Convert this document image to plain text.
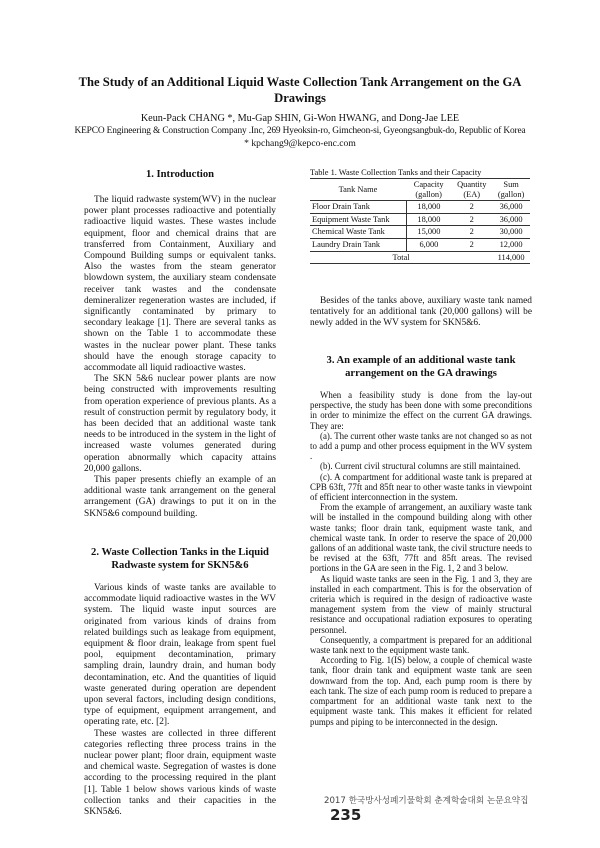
The Study of an Additional Liquid Waste Collection Tank Arrangement on the GA Drawings
Keun-Pack CHANG *, Mu-Gap SHIN, Gi-Won HWANG, and Dong-Jae LEE
KEPCO Engineering & Construction Company .Inc, 269 Hyeoksin-ro, Gimcheon-si, Gyeongsangbuk-do, Republic of Korea
* kpchang9@kepco-enc.com
1. Introduction

The liquid radwaste system(WV) in the nuclear power plant processes radioactive and potentially radioactive liquid wastes. These wastes include equipment, floor and chemical drains that are transferred from Containment, Auxiliary and Compound Building sumps or equivalent tanks. Also the wastes from the steam generator blowdown system, the auxiliary steam condensate receiver tank wastes and the condensate demineralizer regeneration wastes are included, if significantly contaminated by primary to secondary leakage [1]. There are several tanks as shown on the Table 1 to accommodate these wastes in the nuclear power plant. These tanks should have the enough storage capacity to accommodate all liquid radioactive wastes.

The SKN 5&6 nuclear power plants are now being constructed with improvements resulting from operation experience of previous plants. As a result of construction permit by regulatory body, it has been decided that an additional waste tank needs to be introduced in the system in the light of increased waste volumes generated during operation abnormally which capacity attains 20,000 gallons.

This paper presents chiefly an example of an additional waste tank arrangement on the general arrangement (GA) drawings to put it on in the SKN5&6 compound building.

2. Waste Collection Tanks in the Liquid Radwaste system for SKN5&6

Various kinds of waste tanks are available to accommodate liquid radioactive wastes in the WV system. The liquid waste input sources are originated from various kinds of drains from related buildings such as leakage from equipment, equipment & floor drain, leakage from spent fuel pool, equipment decontamination, primary sampling drain, laundry drain, and human body decontamination, etc. And the quantities of liquid waste generated during operation are dependent upon several factors, including design conditions, type of equipment, equipment arrangement, and operating rate, etc. [2].

These wastes are collected in three different categories reflecting three process trains in the nuclear power plant; floor drain, equipment waste and chemical waste. Segregation of wastes is done according to the processing required in the plant [1]. Table 1 below shows various kinds of waste collection tanks and their capacities in the SKN5&6.

Table 1. Waste Collection Tanks and their Capacity
Tank Name	Capacity (gallon)	Quantity (EA)	Sum (gallon)
Floor Drain Tank	18,000	2	36,000
Equipment Waste Tank	18,000	2	36,000
Chemical Waste Tank	15,000	2	30,000
Laundry Drain Tank	6,000	2	12,000
Total			114,000

Besides of the tanks above, auxiliary waste tank named tentatively for an additional tank (20,000 gallons) will be newly added in the WV system for SKN5&6.

3. An example of an additional waste tank arrangement on the GA drawings

When a feasibility study is done from the lay-out perspective, the study has been done with some preconditions in order to minimize the effect on the current GA drawings. They are:

(a). The current other waste tanks are not changed so as not to add a pump and other process equipment in the WV system .

(b). Current civil structural columns are still maintained.

(c). A compartment for additional waste tank is prepared at CPB 63ft, 77ft and 85ft near to other waste tanks in viewpoint of efficient interconnection in the system.

From the example of arrangement, an auxiliary waste tank will be installed in the compound building along with other waste tanks; floor drain tank, equipment waste tank, and chemical waste tank. In order to reserve the space of 20,000 gallons of an additional waste tank, the civil structure needs to be revised at the 63ft, 77ft and 85ft areas. The revised portions in the GA are seen in the Fig. 1, 2 and 3 below.

As liquid waste tanks are seen in the Fig. 1 and 3, they are installed in each compartment. This is for the observation of criteria which is required in the design of radioactive waste management system from the view of mainly structural resistance and occupational radiation exposures to operating personnel.

Consequently, a compartment is prepared for an additional waste tank next to the equipment waste tank.

According to Fig. 1(IS) below, a couple of chemical waste tank, floor drain tank and equipment waste tank are seen downward from the top. And, each pump room is there by each tank. The size of each pump room is reduced to prepare a compartment for an additional waste tank next to the equipment waste tank. This makes it efficient for related pumps and piping to be interconnected in the design.

2017 한국방사성폐기물학회 춘계학술대회 논문요약집235
